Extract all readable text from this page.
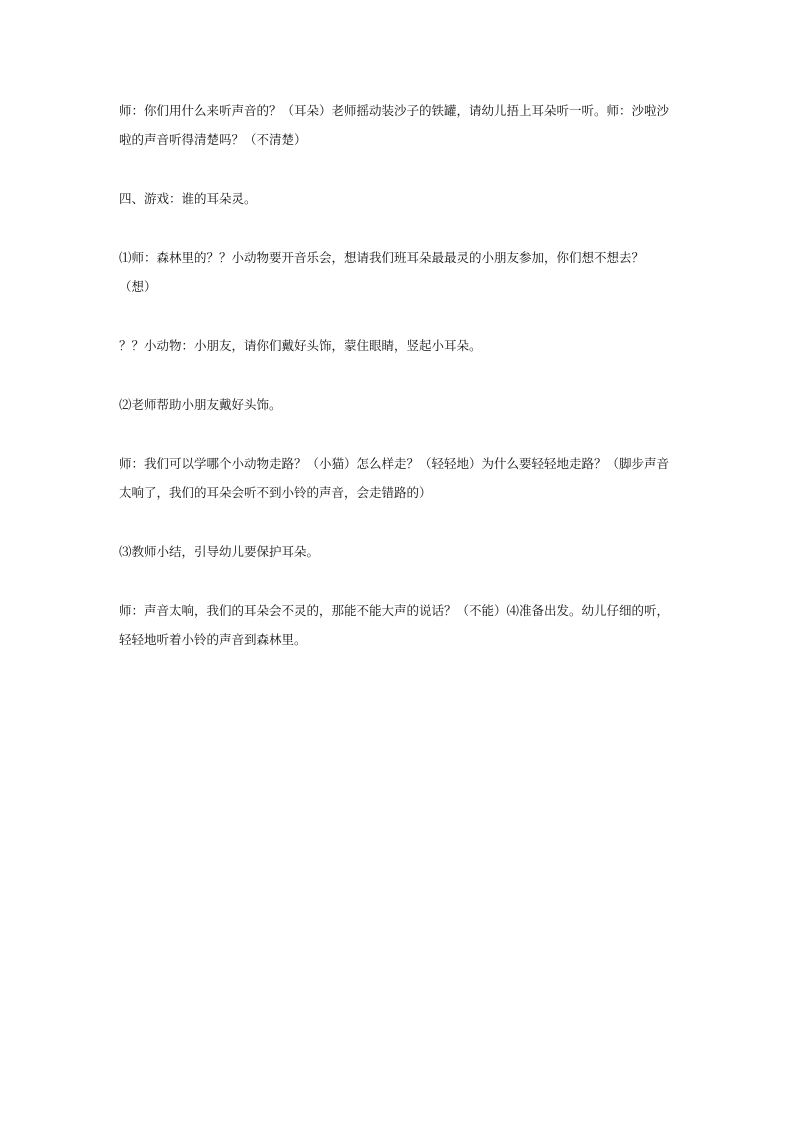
师：你们用什么来听声音的？（耳朵）老师摇动装沙子的铁罐，请幼儿捂上耳朵听一听。师：沙啦沙啦的声音听得清楚吗？（不清楚）

四、游戏：谁的耳朵灵。

⑴师：森林里的？？小动物要开音乐会，想请我们班耳朵最最灵的小朋友参加，你们想不想去？（想）

？？小动物：小朋友，请你们戴好头饰，蒙住眼睛，竖起小耳朵。

⑵老师帮助小朋友戴好头饰。

师：我们可以学哪个小动物走路？（小猫）怎么样走？（轻轻地）为什么要轻轻地走路？（脚步声音太响了，我们的耳朵会听不到小铃的声音，会走错路的）

⑶教师小结，引导幼儿要保护耳朵。

师：声音太响，我们的耳朵会不灵的，那能不能大声的说话？（不能）⑷准备出发。幼儿仔细的听，轻轻地听着小铃的声音到森林里。
